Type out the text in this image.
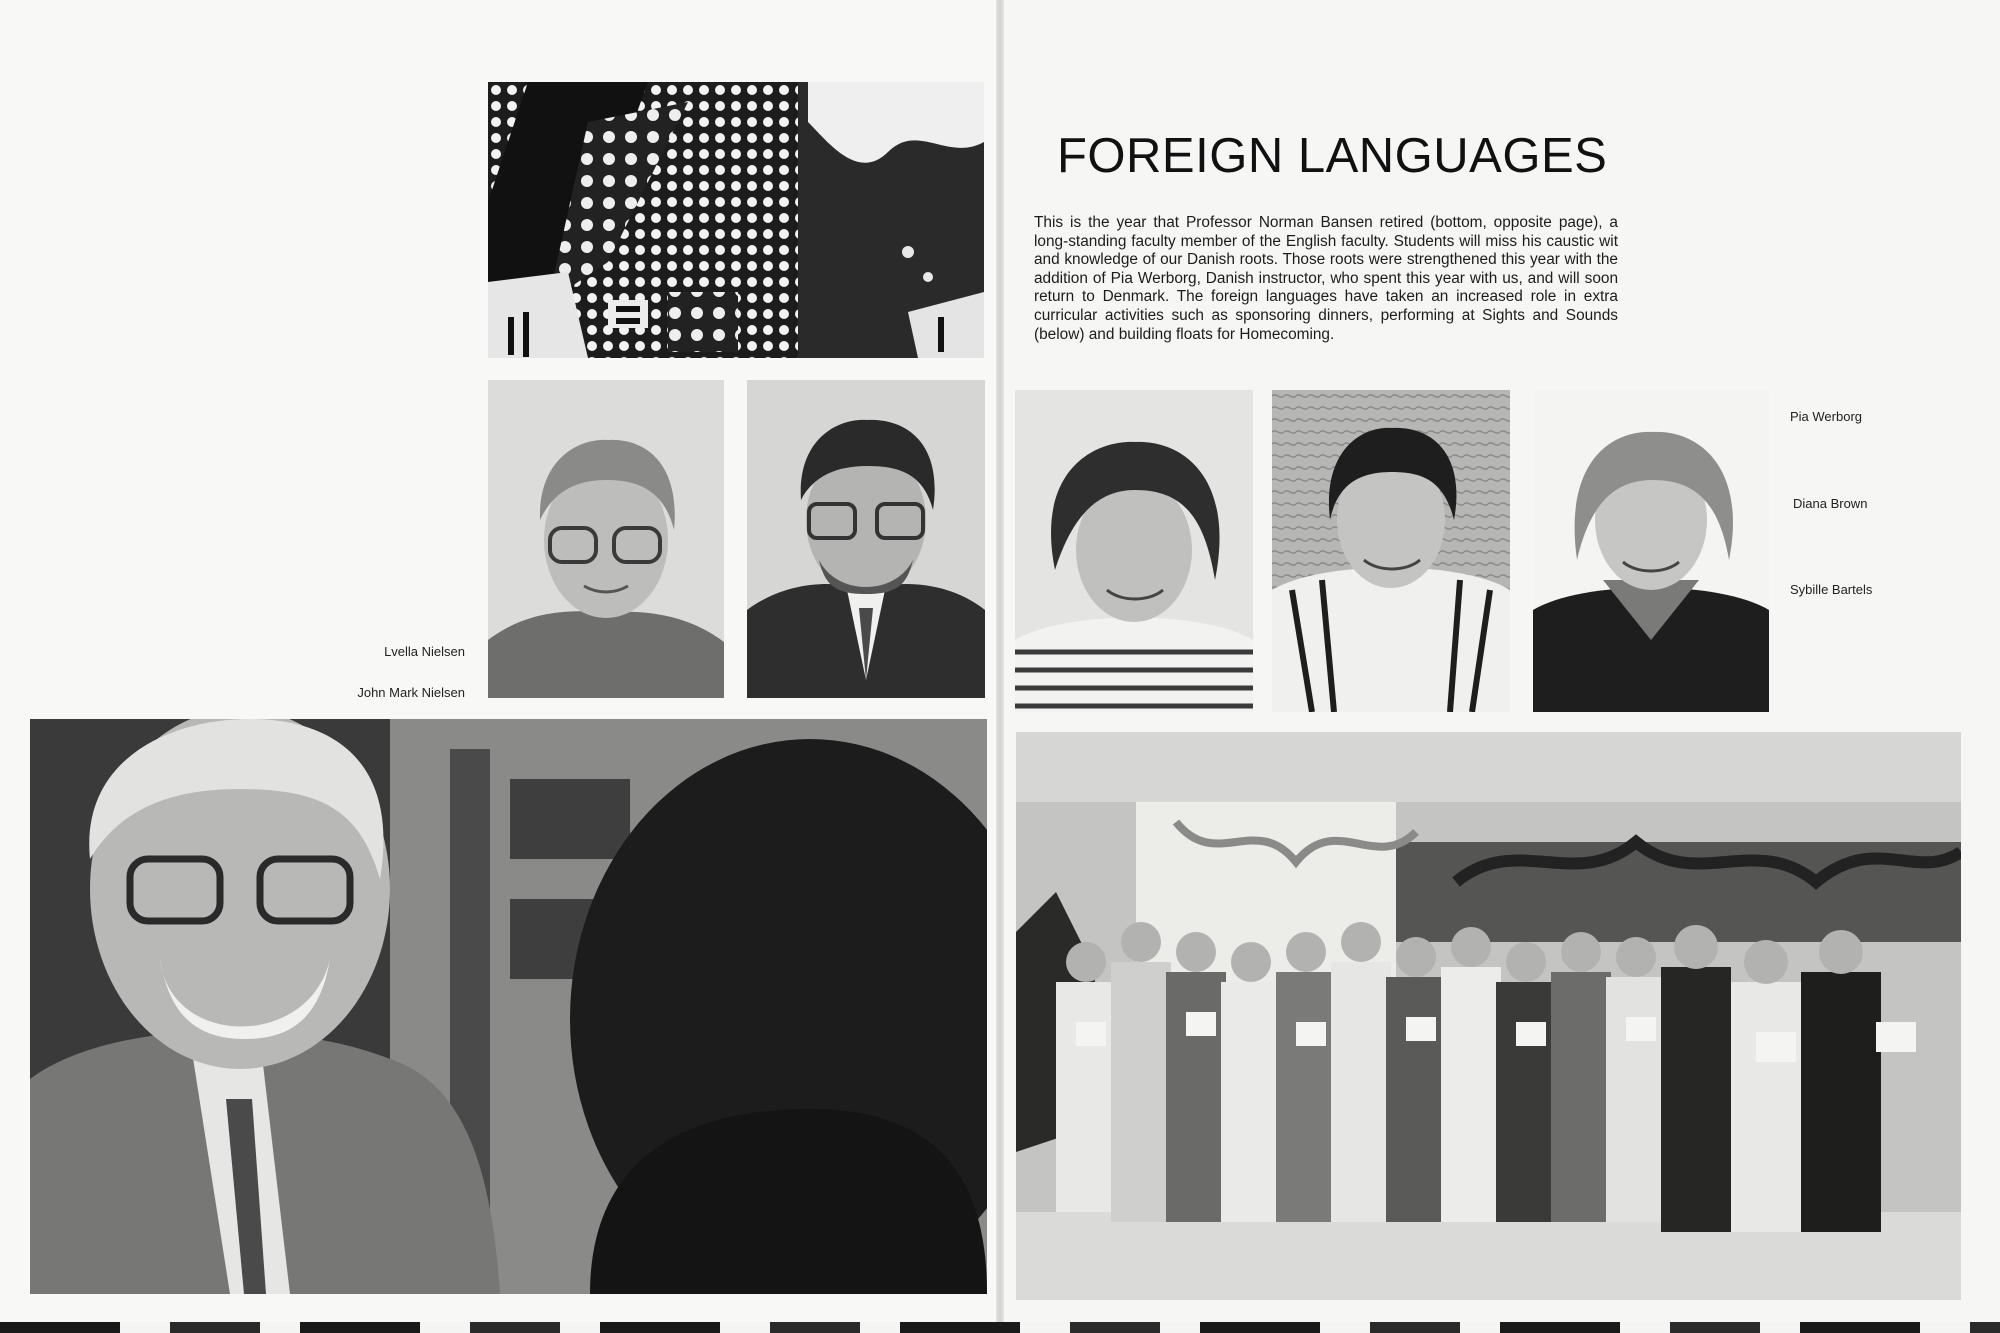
Lvella Nielsen
John Mark Nielsen
FOREIGN LANGUAGES

This is the year that Professor Norman Bansen retired (bottom, opposite page), a long-standing faculty member of the English faculty. Students will miss his caustic wit and knowledge of our Danish roots. Those roots were strengthened this year with the addition of Pia Werborg, Danish instructor, who spent this year with us, and will soon return to Denmark. The foreign languages have taken an increased role in extra curricular activities such as sponsoring dinners, performing at Sights and Sounds (below) and building floats for Homecoming.

Pia Werborg
Diana Brown
Sybille Bartels
